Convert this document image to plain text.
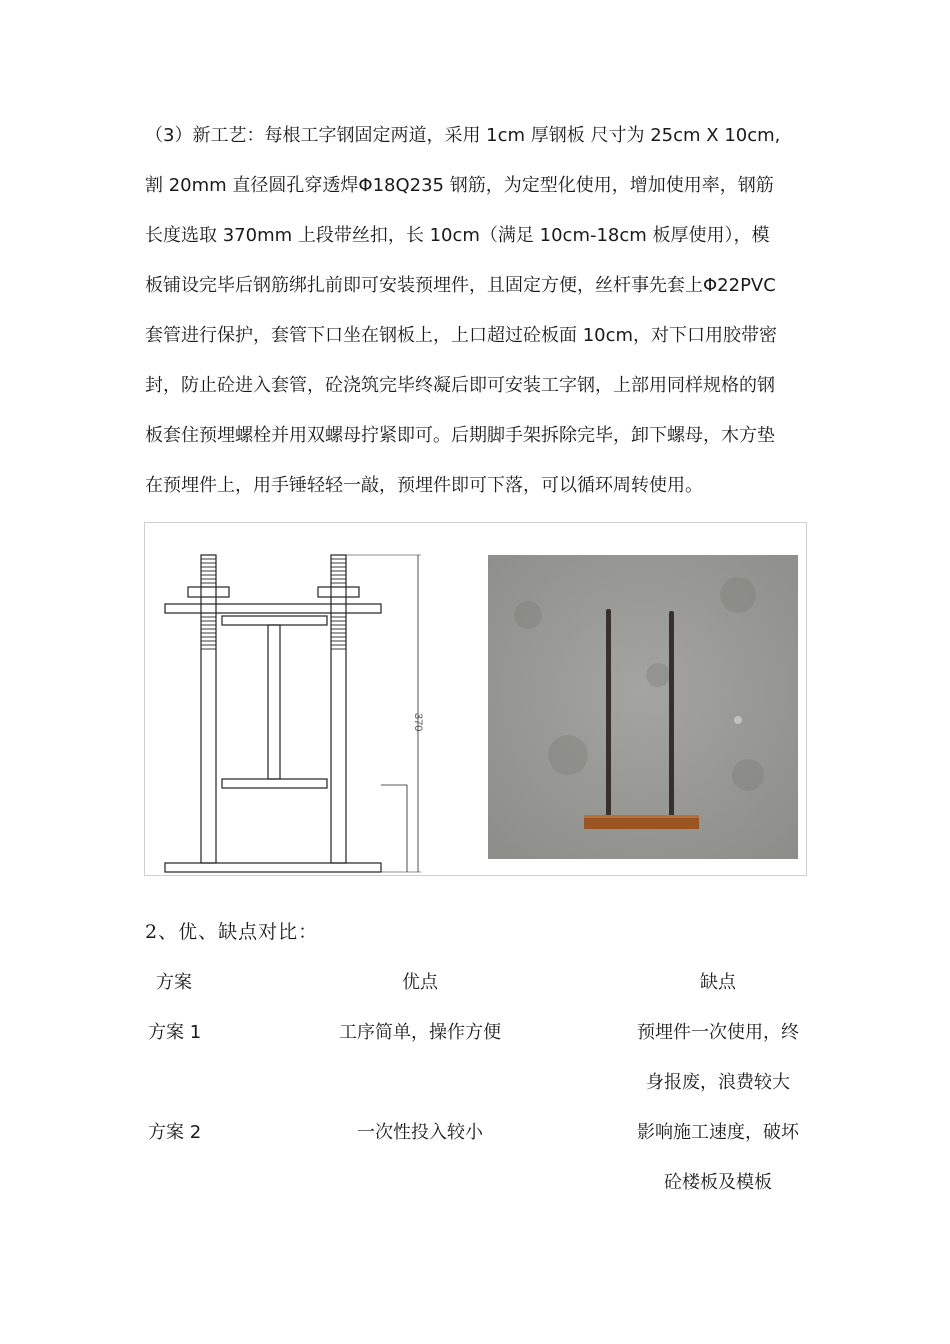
（3）新工艺：每根工字钢固定两道，采用 1cm 厚钢板 尺寸为 25cm X 10cm,
割 20mm 直径圆孔穿透焊Φ18Q235 钢筋，为定型化使用，增加使用率，钢筋
长度选取 370mm 上段带丝扣，长 10cm（满足 10cm-18cm 板厚使用），模
板铺设完毕后钢筋绑扎前即可安装预埋件，且固定方便，丝杆事先套上Φ22PVC
套管进行保护，套管下口坐在钢板上，上口超过砼板面 10cm，对下口用胶带密
封，防止砼进入套管，砼浇筑完毕终凝后即可安装工字钢，上部用同样规格的钢
板套住预埋螺栓并用双螺母拧紧即可。后期脚手架拆除完毕，卸下螺母，木方垫
在预埋件上，用手锤轻轻一敲，预埋件即可下落，可以循环周转使用。
370
2、优、缺点对比：
方案	优点	缺点
方案 1	工序简单，操作方便	预埋件一次使用，终
身报废，浪费较大
方案 2	一次性投入较小	影响施工速度，破坏
砼楼板及模板
